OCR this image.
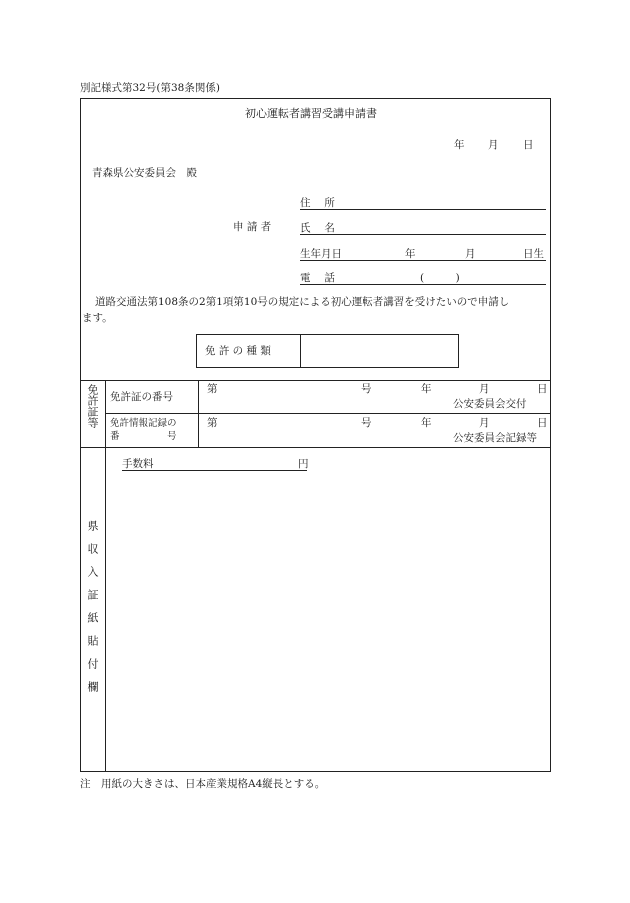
別記様式第32号(第38条関係)
初心運転者講習受講申請書
年 月 日
青森県公安委員会　殿
申 請 者
住　 所
氏　 名
生年月日	年	月	日生
電　 話	(　　　)
道路交通法第108条の2第1項第10号の規定による初心運転者講習を受けたいので申請し
ます。
免 許 の 種 類
免許証等 免許証の番号
第	号	年	月	日
公安委員会交付
免許情報記録の
番　　　　　号
第	号	年	月	日
公安委員会記録等
手数料	円
県収入証紙貼付欄
注　用紙の大きさは、日本産業規格A4縦長とする。
